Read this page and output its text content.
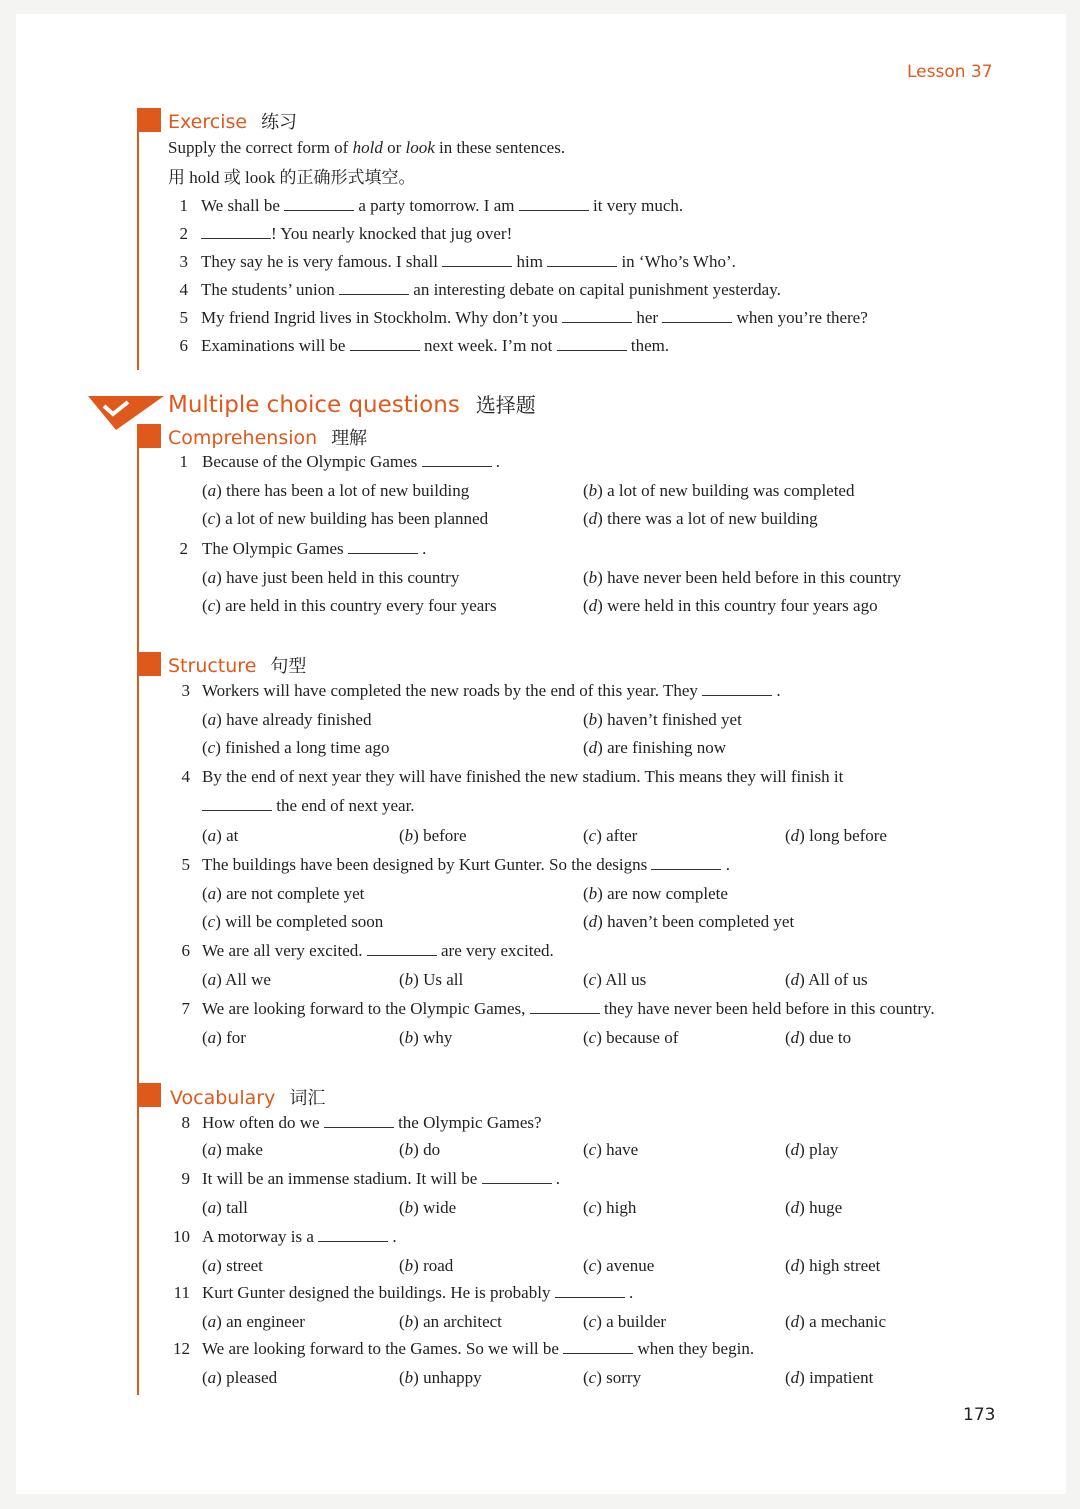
Lesson 37
173
Exercise 练习
Supply the correct form of hold or look in these sentences.
用 hold 或 look 的正确形式填空。
1 We shall be	a party tomorrow. I am	it very much.
2	! You nearly knocked that jug over!
3 They say he is very famous. I shall	him	in ‘Who’s Who’.
4 The students’ union	an interesting debate on capital punishment yesterday.
5 My friend Ingrid lives in Stockholm. Why don’t you	her	when you’re there?
6 Examinations will be	next week. I’m not	them.
Multiple choice questions 选择题
Comprehension 理解
1 Because of the Olympic Games	.
(a) there has been a lot of new building	(b) a lot of new building was completed
(c) a lot of new building has been planned	(d) there was a lot of new building
2 The Olympic Games	.
(a) have just been held in this country	(b) have never been held before in this country
(c) are held in this country every four years	(d) were held in this country four years ago
Structure 句型
3 Workers will have completed the new roads by the end of this year. They	.
(a) have already finished	(b) haven’t finished yet
(c) finished a long time ago	(d) are finishing now
4 By the end of next year they will have finished the new stadium. This means they will finish it
the end of next year.
(a) at	(b) before	(c) after	(d) long before
5 The buildings have been designed by Kurt Gunter. So the designs	.
(a) are not complete yet	(b) are now complete
(c) will be completed soon	(d) haven’t been completed yet
6 We are all very excited.	are very excited.
(a) All we	(b) Us all	(c) All us	(d) All of us
7 We are looking forward to the Olympic Games,	they have never been held before in this country.
(a) for	(b) why	(c) because of	(d) due to
Vocabulary 词汇
8 How often do we	the Olympic Games?
(a) make	(b) do	(c) have	(d) play
9 It will be an immense stadium. It will be	.
(a) tall	(b) wide	(c) high	(d) huge
10 A motorway is a	.
(a) street	(b) road	(c) avenue	(d) high street
11 Kurt Gunter designed the buildings. He is probably	.
(a) an engineer	(b) an architect	(c) a builder	(d) a mechanic
12 We are looking forward to the Games. So we will be	when they begin.
(a) pleased	(b) unhappy	(c) sorry	(d) impatient
